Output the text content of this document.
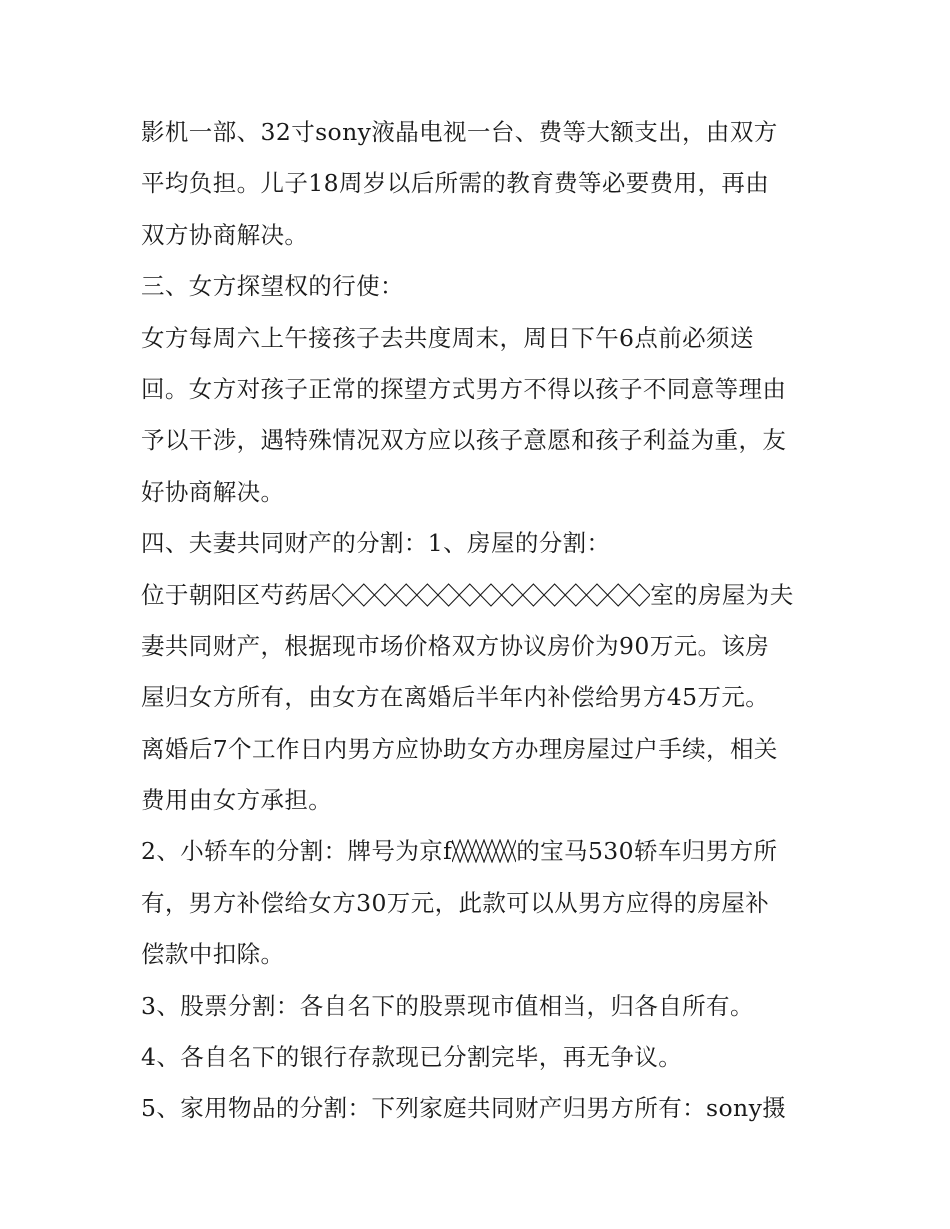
影机一部、32寸sony液晶电视一台、费等大额支出，由双方
平均负担。儿子18周岁以后所需的教育费等必要费用，再由
双方协商解决。
三、女方探望权的行使：
女方每周六上午接孩子去共度周末，周日下午6点前必须送
回。女方对孩子正常的探望方式男方不得以孩子不同意等理由
予以干涉，遇特殊情况双方应以孩子意愿和孩子利益为重，友
好协商解决。
四、夫妻共同财产的分割：1、房屋的分割：
位于朝阳区芍药居	室的房屋为夫
妻共同财产，根据现市场价格双方协议房价为90万元。该房
屋归女方所有，由女方在离婚后半年内补偿给男方45万元。
离婚后7个工作日内男方应协助女方办理房屋过户手续，相关
费用由女方承担。
2、小轿车的分割：牌号为京f	的宝马530轿车归男方所
有，男方补偿给女方30万元，此款可以从男方应得的房屋补
偿款中扣除。
3、股票分割：各自名下的股票现市值相当，归各自所有。
4、各自名下的银行存款现已分割完毕，再无争议。
5、家用物品的分割：下列家庭共同财产归男方所有：sony摄
